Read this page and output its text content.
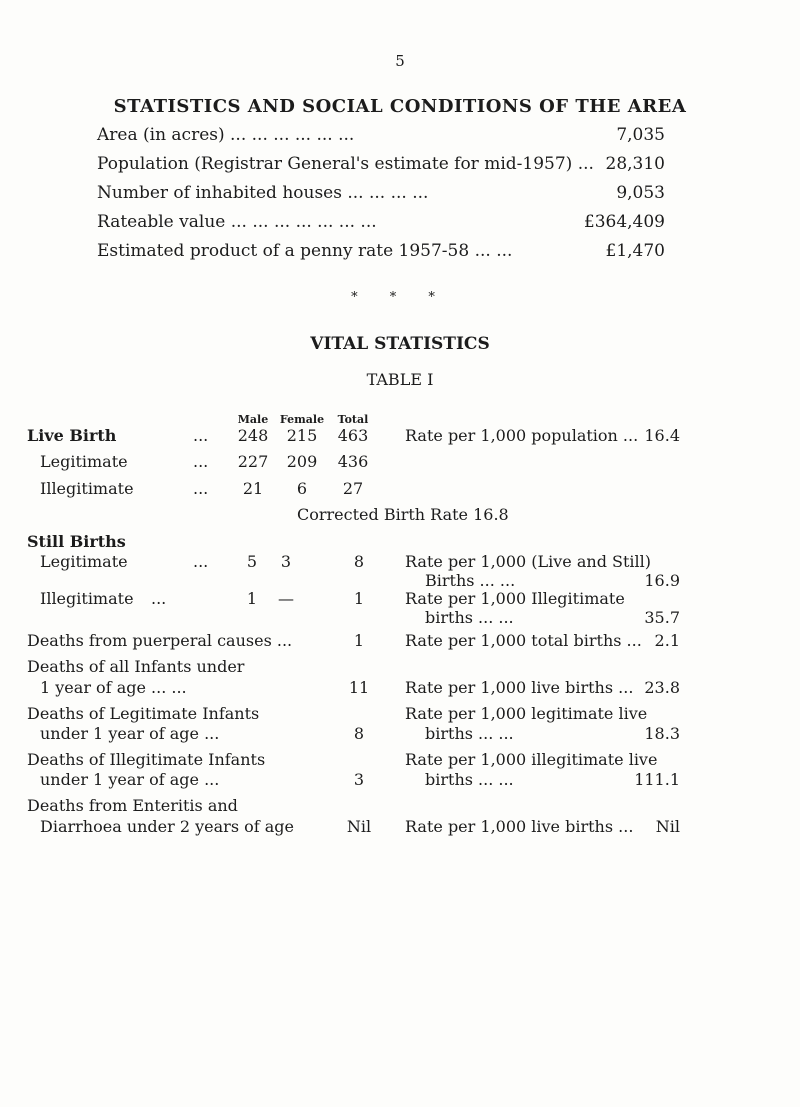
5
STATISTICS AND SOCIAL CONDITIONS OF THE AREA
Area (in acres) ... ... ... ... ... ...	7,035
Population (Registrar General's estimate for mid-1957) ... 28,310
Number of inhabited houses ... ... ... ...	9,053
Rateable value ... ... ... ... ... ... ...	£364,409
Estimated product of a penny rate 1957-58 ... ...	£1,470
* * *
VITAL STATISTICS
TABLE I
Male	Female	Total
Live Birth	... 248 215 463 Rate per 1,000 population ... 16.4
Legitimate	... 227 209 436
Illegitimate	...	21	6	27
Corrected Birth Rate 16.8
Still Births
Legitimate	...	5	3	8	Rate per 1,000 (Live and Still)
Births ... ...	16.9
Illegitimate ...	1	—	1	Rate per 1,000 Illegitimate
births ... ...	35.7
Deaths from puerperal causes ...	1	Rate per 1,000 total births ... 2.1
Deaths of all Infants under
1 year of age ... ...	11	Rate per 1,000 live births ... 23.8
Deaths of Legitimate Infants
under 1 year of age ...	8
Rate per 1,000 legitimate live
births ... ...	18.3
Deaths of Illegitimate Infants
under 1 year of age ...	3
Rate per 1,000 illegitimate live
births ... ...	111.1
Deaths from Enteritis and
Diarrhoea under 2 years of age	Nil	Rate per 1,000 live births ...	Nil
